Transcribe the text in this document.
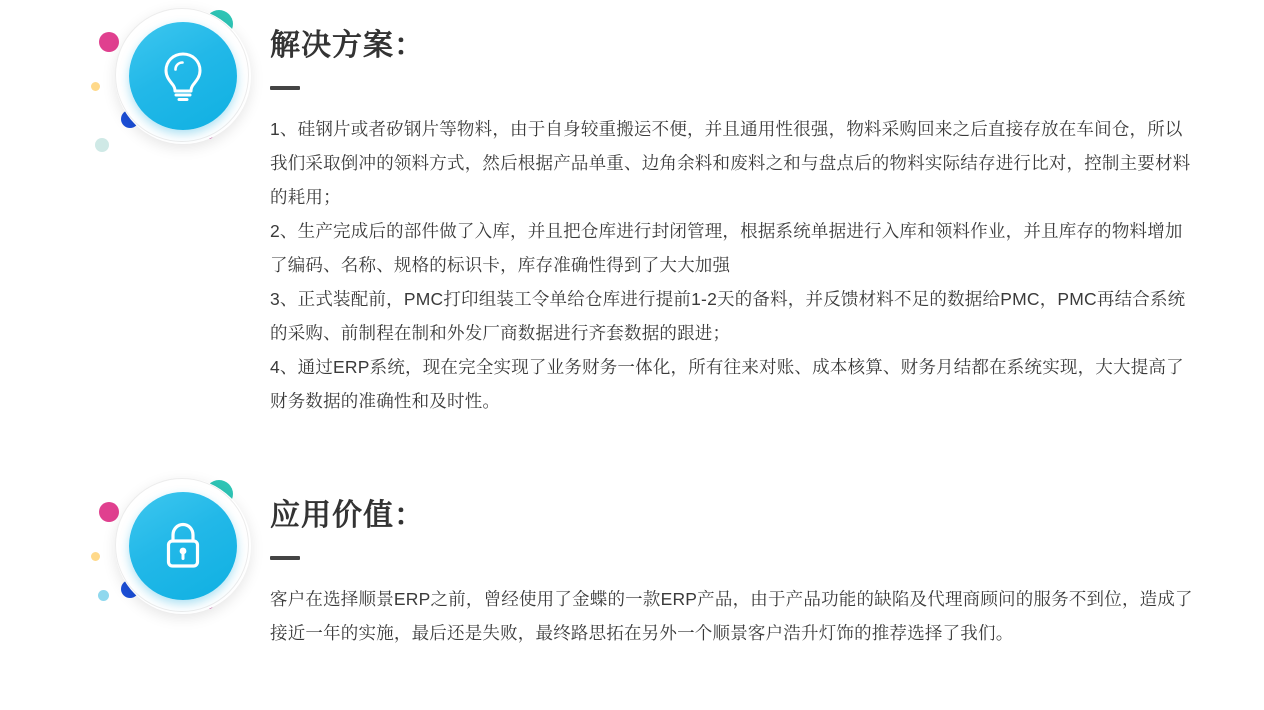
解决方案：

1、硅钢片或者矽钢片等物料，由于自身较重搬运不便，并且通用性很强，物料采购回来之后直接存放在车间仓，所以我们采取倒冲的领料方式，然后根据产品单重、边角余料和废料之和与盘点后的物料实际结存进行比对，控制主要材料的耗用；

2、生产完成后的部件做了入库，并且把仓库进行封闭管理，根据系统单据进行入库和领料作业，并且库存的物料增加了编码、名称、规格的标识卡，库存准确性得到了大大加强

3、正式装配前，PMC打印组装工令单给仓库进行提前1-2天的备料，并反馈材料不足的数据给PMC，PMC再结合系统的采购、前制程在制和外发厂商数据进行齐套数据的跟进；

4、通过ERP系统，现在完全实现了业务财务一体化，所有往来对账、成本核算、财务月结都在系统实现，大大提高了财务数据的准确性和及时性。

应用价值：

客户在选择顺景ERP之前，曾经使用了金蝶的一款ERP产品，由于产品功能的缺陷及代理商顾问的服务不到位，造成了接近一年的实施，最后还是失败，最终路思拓在另外一个顺景客户浩升灯饰的推荐选择了我们。
